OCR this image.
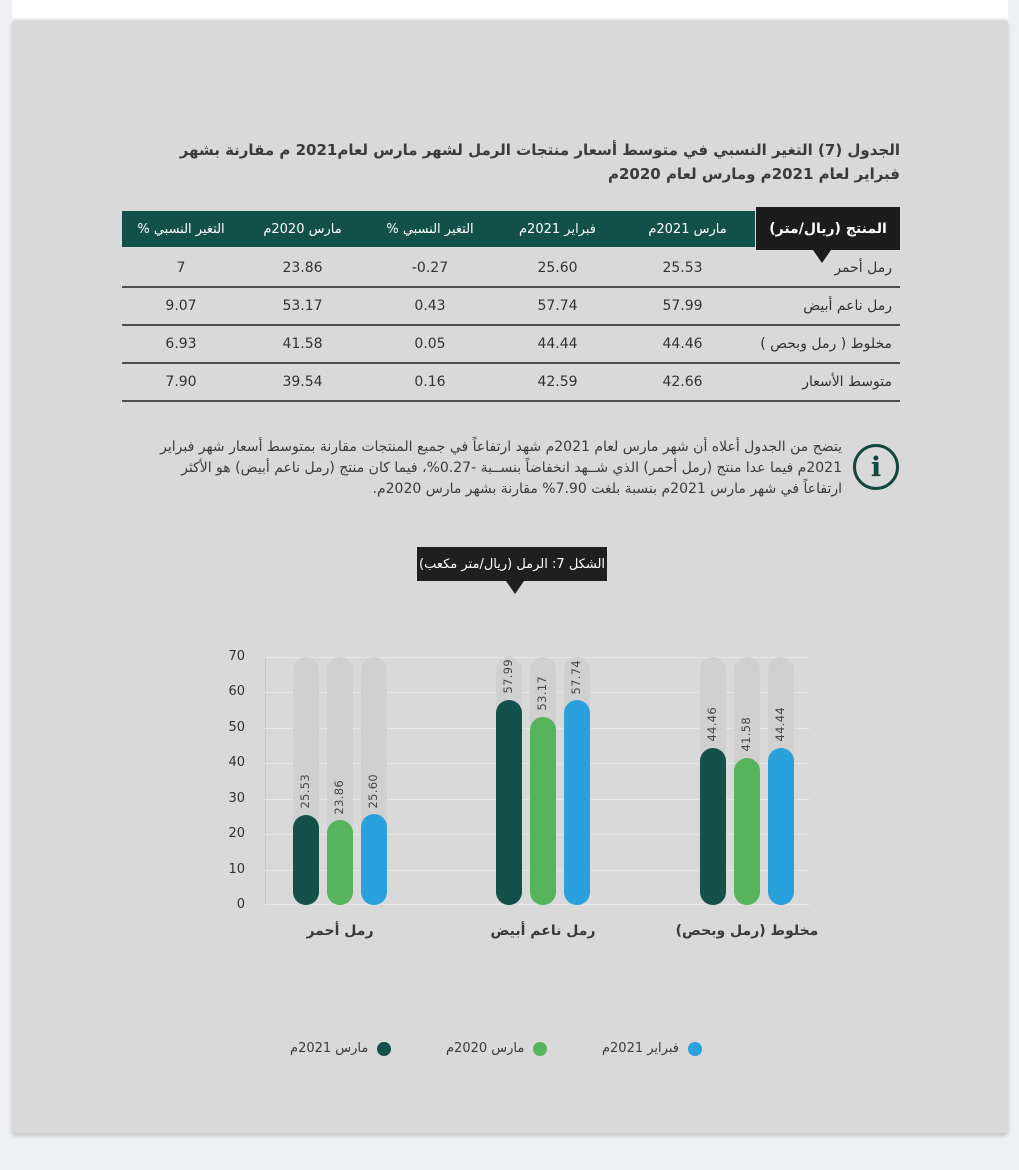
الجدول (7) التغير النسبي في متوسط أسعار منتجات الرمل لشهر مارس لعام2021 م مقارنة بشهر فبراير لعام 2021م ومارس لعام 2020م
التغير النسبي %	مارس 2020م	التغير النسبي %	فبراير 2021م	مارس 2021م	المنتج (ريال/متر)
7	23.86	-0.27	25.60	25.53	رمل أحمر
9.07	53.17	0.43	57.74	57.99	رمل ناعم أبيض
6.93	41.58	0.05	44.44	44.46	مخلوط ( رمل وبحص )
7.90	39.54	0.16	42.59	42.66	متوسط الأسعار
يتضح من الجدول أعلاه أن شهر مارس لعام 2021م شهد ارتفاعاً في جميع المنتجات مقارنة بمتوسط أسعار شهر فبراير 2021م فيما عدا منتج (رمل أحمر) الذي شــهد انخفاضاً بنســبة -0.27%، فيما كان منتج (رمل ناعم أبيض) هو الأكثر ارتفاعاً في شهر مارس 2021م بنسبة بلغت 7.90% مقارنة بشهر مارس 2020م.
i
الشكل 7: الرمل (ريال/متر مكعب)
70
60
50
40
30
20
10
0
25.53
57.99
44.46
23.86
53.17
41.58
25.60
57.74
44.44
رمل أحمر	رمل ناعم أبيض	مخلوط (رمل وبحص)
مارس 2021م	مارس 2020م	فبراير 2021م
